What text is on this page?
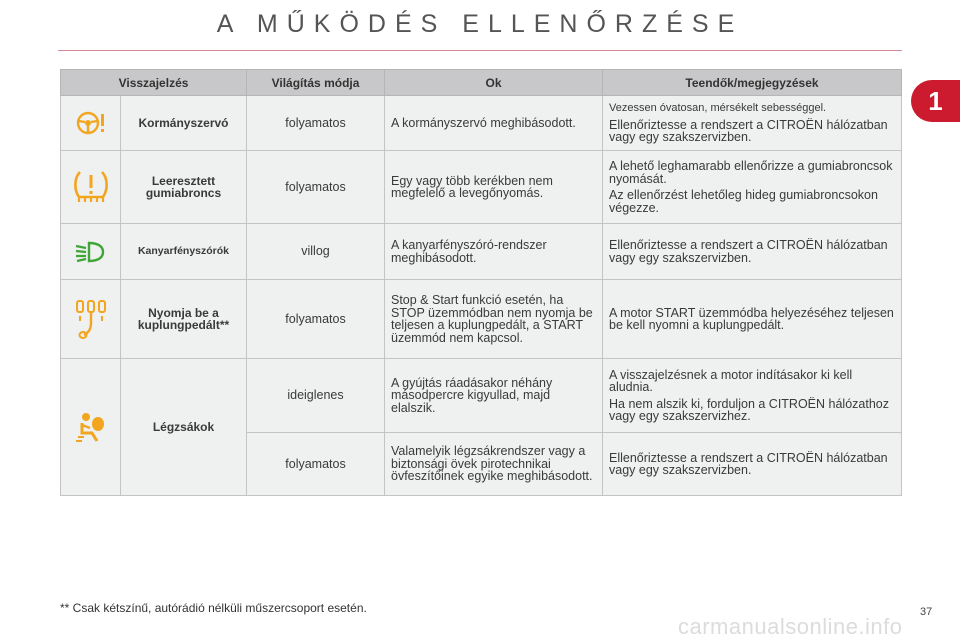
A MŰKÖDÉS ELLENŐRZÉSE
1
Visszajelzés		Világítás módja	Ok	Teendők/megjegyzések
	Kormányszervó	folyamatos	A kormányszervó meghibásodott.	Vezessen óvatosan, mérsékelt sebességgel.
Ellenőriztesse a rendszert a CITROËN hálózatban vagy egy szakszervizben.

	Leeresztett gumiabroncs	folyamatos	Egy vagy több kerékben nem megfelelő a levegőnyomás.	A lehető leghamarabb ellenőrizze a gumiabroncsok nyomását.
Az ellenőrzést lehetőleg hideg gumiabroncsokon végezze.

	Kanyarfényszórók	villog	A kanyarfényszóró-rendszer meghibásodott.	Ellenőriztesse a rendszert a CITROËN hálózatban vagy egy szakszervizben.

	Nyomja be a kuplungpedált**	folyamatos	Stop & Start funkció esetén, ha STOP üzemmódban nem nyomja be teljesen a kuplungpedált, a START üzemmód nem kapcsol.	A motor START üzemmódba helyezéséhez teljesen be kell nyomni a kuplungpedált.

	Légzsákok	ideiglenes	A gyújtás ráadásakor néhány másodpercre kigyullad, majd elalszik.	A visszajelzésnek a motor indításakor ki kell aludnia.
Ha nem alszik ki, forduljon a CITROËN hálózathoz vagy egy szakszervizhez.

		folyamatos	Valamelyik légzsákrendszer vagy a biztonsági övek pirotechnikai övfeszítőinek egyike meghibásodott.	Ellenőriztesse a rendszert a CITROËN hálózatban vagy egy szakszervizben.
** Csak kétszínű, autórádió nélküli műszercsoport esetén.	37
carmanualsonline.info
